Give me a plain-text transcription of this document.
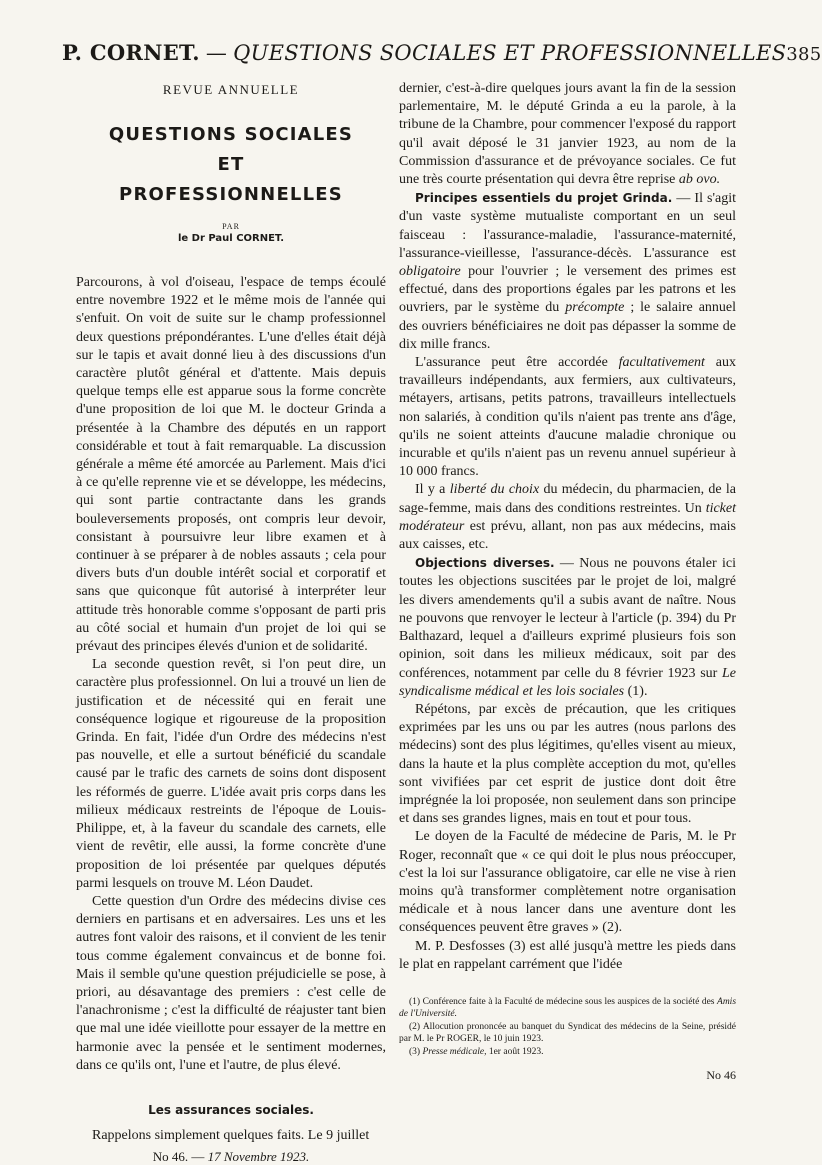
P. CORNET. — QUESTIONS SOCIALES ET PROFESSIONNELLES 385
REVUE ANNUELLE
QUESTIONS SOCIALES
ET
PROFESSIONNELLES
PAR
le Dr Paul CORNET.

Parcourons, à vol d'oiseau, l'espace de temps écoulé entre novembre 1922 et le même mois de l'année qui s'enfuit. On voit de suite sur le champ professionnel deux questions prépondérantes. L'une d'elles était déjà sur le tapis et avait donné lieu à des discussions d'un caractère plutôt général et d'attente. Mais depuis quelque temps elle est apparue sous la forme concrète d'une proposition de loi que M. le docteur Grinda a présentée à la Chambre des députés en un rapport considérable et tout à fait remarquable. La discussion générale a même été amorcée au Parlement. Mais d'ici à ce qu'elle reprenne vie et se développe, les médecins, qui sont partie contractante dans les grands bouleversements proposés, ont compris leur devoir, consistant à poursuivre leur libre examen et à continuer à se préparer à de nobles assauts ; cela pour divers buts d'un double intérêt social et corporatif et sans que quiconque fût autorisé à interpréter leur attitude très honorable comme s'opposant de parti pris au côté social et humain d'un projet de loi qui se prévaut des principes élevés d'union et de solidarité.

La seconde question revêt, si l'on peut dire, un caractère plus professionnel. On lui a trouvé un lien de justification et de nécessité qui en ferait une conséquence logique et rigoureuse de la proposition Grinda. En fait, l'idée d'un Ordre des médecins n'est pas nouvelle, et elle a surtout bénéficié du scandale causé par le trafic des carnets de soins dont disposent les réformés de guerre. L'idée avait pris corps dans les milieux médicaux restreints de l'époque de Louis-Philippe, et, à la faveur du scandale des carnets, elle vient de revêtir, elle aussi, la forme concrète d'une proposition de loi présentée par quelques députés parmi lesquels on trouve M. Léon Daudet.

Cette question d'un Ordre des médecins divise ces derniers en partisans et en adversaires. Les uns et les autres font valoir des raisons, et il convient de les tenir tous comme également convaincus et de bonne foi. Mais il semble qu'une question préjudicielle se pose, à priori, au désavantage des premiers : c'est celle de l'anachronisme ; c'est la difficulté de réajuster tant bien que mal une idée vieillotte pour essayer de la mettre en harmonie avec la pensée et le sentiment modernes, dans ce qu'ils ont, l'une et l'autre, de plus élevé.

Les assurances sociales.

Rappelons simplement quelques faits. Le 9 juillet

No 46. — 17 Novembre 1923.

dernier, c'est-à-dire quelques jours avant la fin de la session parlementaire, M. le député Grinda a eu la parole, à la tribune de la Chambre, pour commencer l'exposé du rapport qu'il avait déposé le 31 janvier 1923, au nom de la Commission d'assurance et de prévoyance sociales. Ce fut une très courte présentation qui devra être reprise ab ovo.

Principes essentiels du projet Grinda. — Il s'agit d'un vaste système mutualiste comportant en un seul faisceau : l'assurance-maladie, l'assurance-maternité, l'assurance-vieillesse, l'assurance-décès. L'assurance est obligatoire pour l'ouvrier ; le versement des primes est effectué, dans des proportions égales par les patrons et les ouvriers, par le système du précompte ; le salaire annuel des ouvriers bénéficiaires ne doit pas dépasser la somme de dix mille francs.

L'assurance peut être accordée facultativement aux travailleurs indépendants, aux fermiers, aux cultivateurs, métayers, artisans, petits patrons, travailleurs intellectuels non salariés, à condition qu'ils n'aient pas trente ans d'âge, qu'ils ne soient atteints d'aucune maladie chronique ou incurable et qu'ils n'aient pas un revenu annuel supérieur à 10 000 francs.

Il y a liberté du choix du médecin, du pharmacien, de la sage-femme, mais dans des conditions restreintes. Un ticket modérateur est prévu, allant, non pas aux médecins, mais aux caisses, etc.

Objections diverses. — Nous ne pouvons étaler ici toutes les objections suscitées par le projet de loi, malgré les divers amendements qu'il a subis avant de naître. Nous ne pouvons que renvoyer le lecteur à l'article (p. 394) du Pr Balthazard, lequel a d'ailleurs exprimé plusieurs fois son opinion, soit dans les milieux médicaux, soit par des conférences, notamment par celle du 8 février 1923 sur Le syndicalisme médical et les lois sociales (1).

Répétons, par excès de précaution, que les critiques exprimées par les uns ou par les autres (nous parlons des médecins) sont des plus légitimes, qu'elles visent au mieux, dans la haute et la plus complète acception du mot, qu'elles sont vivifiées par cet esprit de justice dont doit être imprégnée la loi proposée, non seulement dans son principe et dans ses grandes lignes, mais en tout et pour tous.

Le doyen de la Faculté de médecine de Paris, M. le Pr Roger, reconnaît que « ce qui doit le plus nous préoccuper, c'est la loi sur l'assurance obligatoire, car elle ne vise à rien moins qu'à transformer complètement notre organisation médicale et à nous lancer dans une aventure dont les conséquences peuvent être graves » (2).

M. P. Desfosses (3) est allé jusqu'à mettre les pieds dans le plat en rappelant carrément que l'idée

(1) Conférence faite à la Faculté de médecine sous les auspices de la société des Amis de l'Université.

(2) Allocution prononcée au banquet du Syndicat des médecins de la Seine, présidé par M. le Pr ROGER, le 10 juin 1923.

(3) Presse médicale, 1er août 1923.

No 46
